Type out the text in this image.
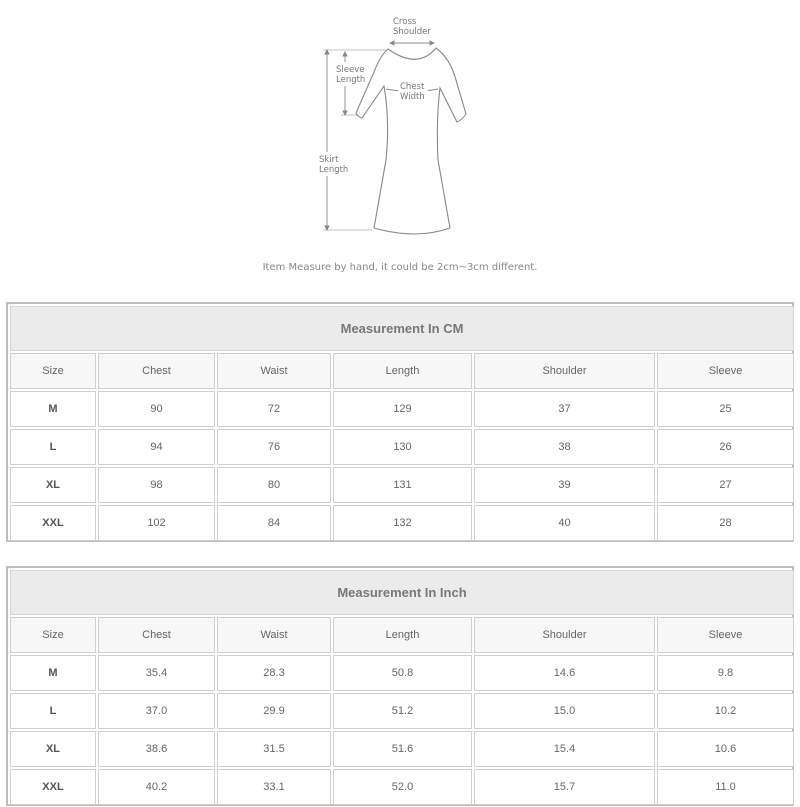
Cross
Shoulder
Sleeve
Length
Chest
Width
Skirt
Length
Item Measure by hand, it could be 2cm~3cm different.
Measurement In CM					
Size	Chest	Waist	Length	Shoulder	Sleeve
M	90	72	129	37	25
L	94	76	130	38	26
XL	98	80	131	39	27
XXL	102	84	132	40	28
Measurement In Inch					
Size	Chest	Waist	Length	Shoulder	Sleeve
M	35.4	28.3	50.8	14.6	9.8
L	37.0	29.9	51.2	15.0	10.2
XL	38.6	31.5	51.6	15.4	10.6
XXL	40.2	33.1	52.0	15.7	11.0
